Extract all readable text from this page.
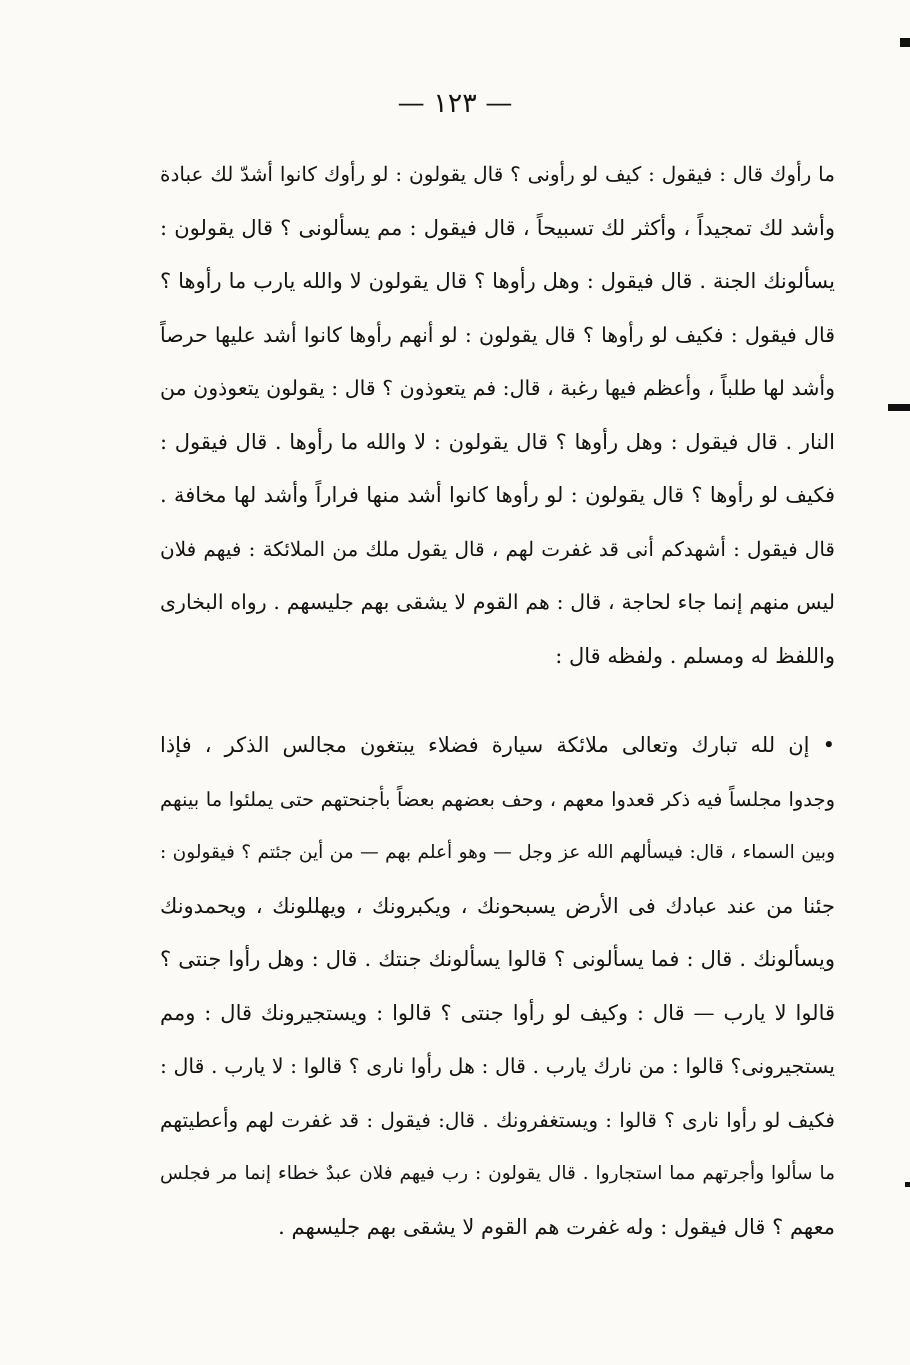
— ١٢٣ —
ما رأوك قال : فيقول : كيف لو رأونى ؟ قال يقولون : لو رأوك كانوا أشدّ لك عبادة
وأشد لك تمجيداً ، وأكثر لك تسبيحاً ، قال فيقول : مم يسألونى ؟ قال يقولون :
يسألونك الجنة . قال فيقول : وهل رأوها ؟ قال يقولون لا والله يارب ما رأوها ؟
قال فيقول : فكيف لو رأوها ؟ قال يقولون : لو أنهم رأوها كانوا أشد عليها حرصاً
وأشد لها طلباً ، وأعظم فيها رغبة ، قال: فم يتعوذون ؟ قال : يقولون يتعوذون من
النار . قال فيقول : وهل رأوها ؟ قال يقولون : لا والله ما رأوها . قال فيقول :
فكيف لو رأوها ؟ قال يقولون : لو رأوها كانوا أشد منها فراراً وأشد لها مخافة .
قال فيقول : أشهدكم أنى قد غفرت لهم ، قال يقول ملك من الملائكة : فيهم فلان
ليس منهم إنما جاء لحاجة ، قال : هم القوم لا يشقى بهم جليسهم . رواه البخارى
واللفظ له ومسلم . ولفظه قال :
• إن لله تبارك وتعالى ملائكة سيارة فضلاء يبتغون مجالس الذكر ، فإذا
وجدوا مجلساً فيه ذكر قعدوا معهم ، وحف بعضهم بعضاً بأجنحتهم حتى يملئوا ما بينهم
وبين السماء ، قال: فيسألهم الله عز وجل — وهو أعلم بهم — من أين جئتم ؟ فيقولون :
جئنا من عند عبادك فى الأرض يسبحونك ، ويكبرونك ، ويهللونك ، ويحمدونك
ويسألونك . قال : فما يسألونى ؟ قالوا يسألونك جنتك . قال : وهل رأوا جنتى ؟
قالوا لا يارب — قال : وكيف لو رأوا جنتى ؟ قالوا : ويستجيرونك قال : ومم
يستجيرونى؟ قالوا : من نارك يارب . قال : هل رأوا نارى ؟ قالوا : لا يارب . قال :
فكيف لو رأوا نارى ؟ قالوا : ويستغفرونك . قال: فيقول : قد غفرت لهم وأعطيتهم
ما سألوا وأجرتهم مما استجاروا . قال يقولون : رب فيهم فلان عبدٌ خطاء إنما مر فجلس
معهم ؟ قال فيقول : وله غفرت هم القوم لا يشقى بهم جليسهم .
